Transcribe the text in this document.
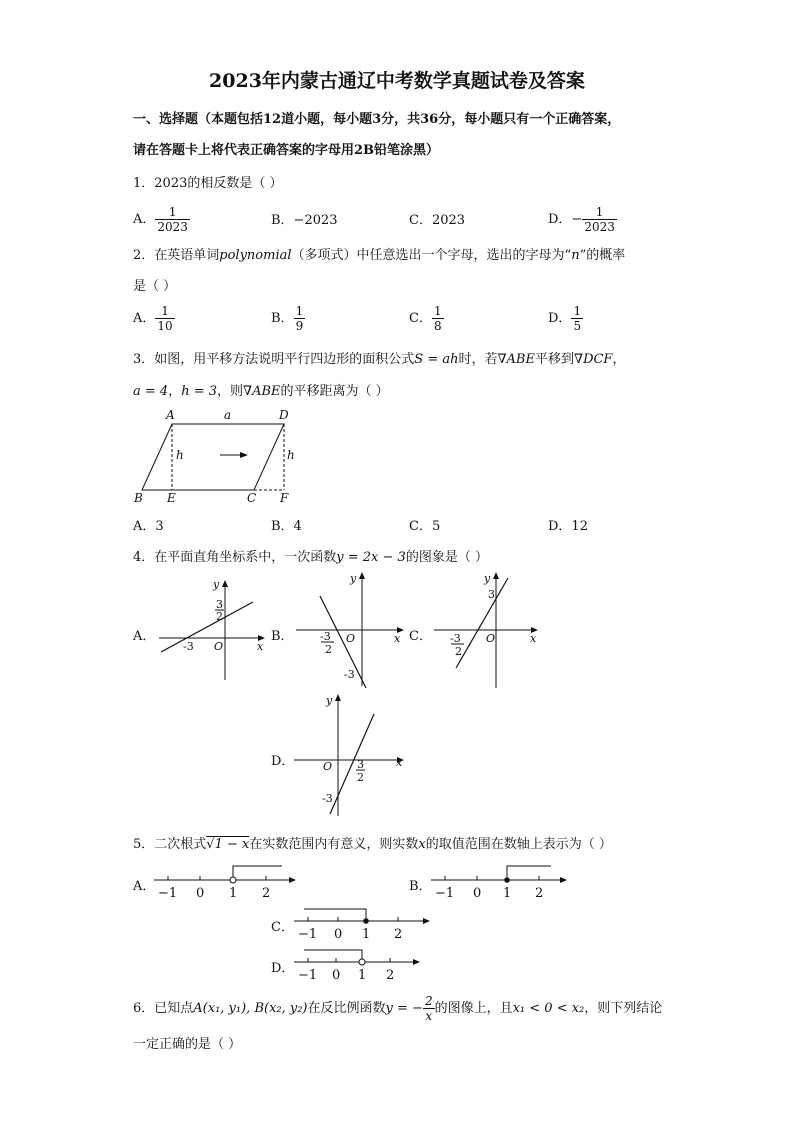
2023年内蒙古通辽中考数学真题试卷及答案
一、选择题（本题包括12道小题，每小题3分，共36分，每小题只有一个正确答案，
请在答题卡上将代表正确答案的字母用2B铅笔涂黑）
1．2023的相反数是（ ）
A． $\frac{1}{2023}$	B．−2023	C．2023	D．− $\frac{1}{2023}$
2．在英语单词polynomial（多项式）中任意选出一个字母，选出的字母为“n”的概率
是（ ）
A． $\frac{1}{10}$	B． $\frac{1}{9}$	C． $\frac{1}{8}$	D． $\frac{1}{5}$
3．如图，用平移方法说明平行四边形的面积公式S = ah时，若∇ABE平移到∇DCF，
a = 4，h = 3，则∇ABE的平移距离为（ ）
A	a	D
h	h
B E	C F
A．3	B．4	C．5	D．12
4．在平面直角坐标系中，一次函数y = 2x − 3的图象是（ ）
A．
y
x
O
3
2
-3
B．
y
x
O
-3
2
-3
C．
y
x
O
3
-3
2
D．
y
x
O 3
2
-3
5．二次根式√1 − x在实数范围内有意义，则实数x的取值范围在数轴上表示为（ ）
A． −1 0 1 2	B． −1 0 1 2
C． −1 0 1 2
D． −1 0 1 2
6．已知点A(x₁, y₁), B(x₂, y₂)在反比例函数y = − $\frac{2}{x}$ 的图像上，且x₁ < 0 < x₂，则下列结论
一定正确的是（ ）
